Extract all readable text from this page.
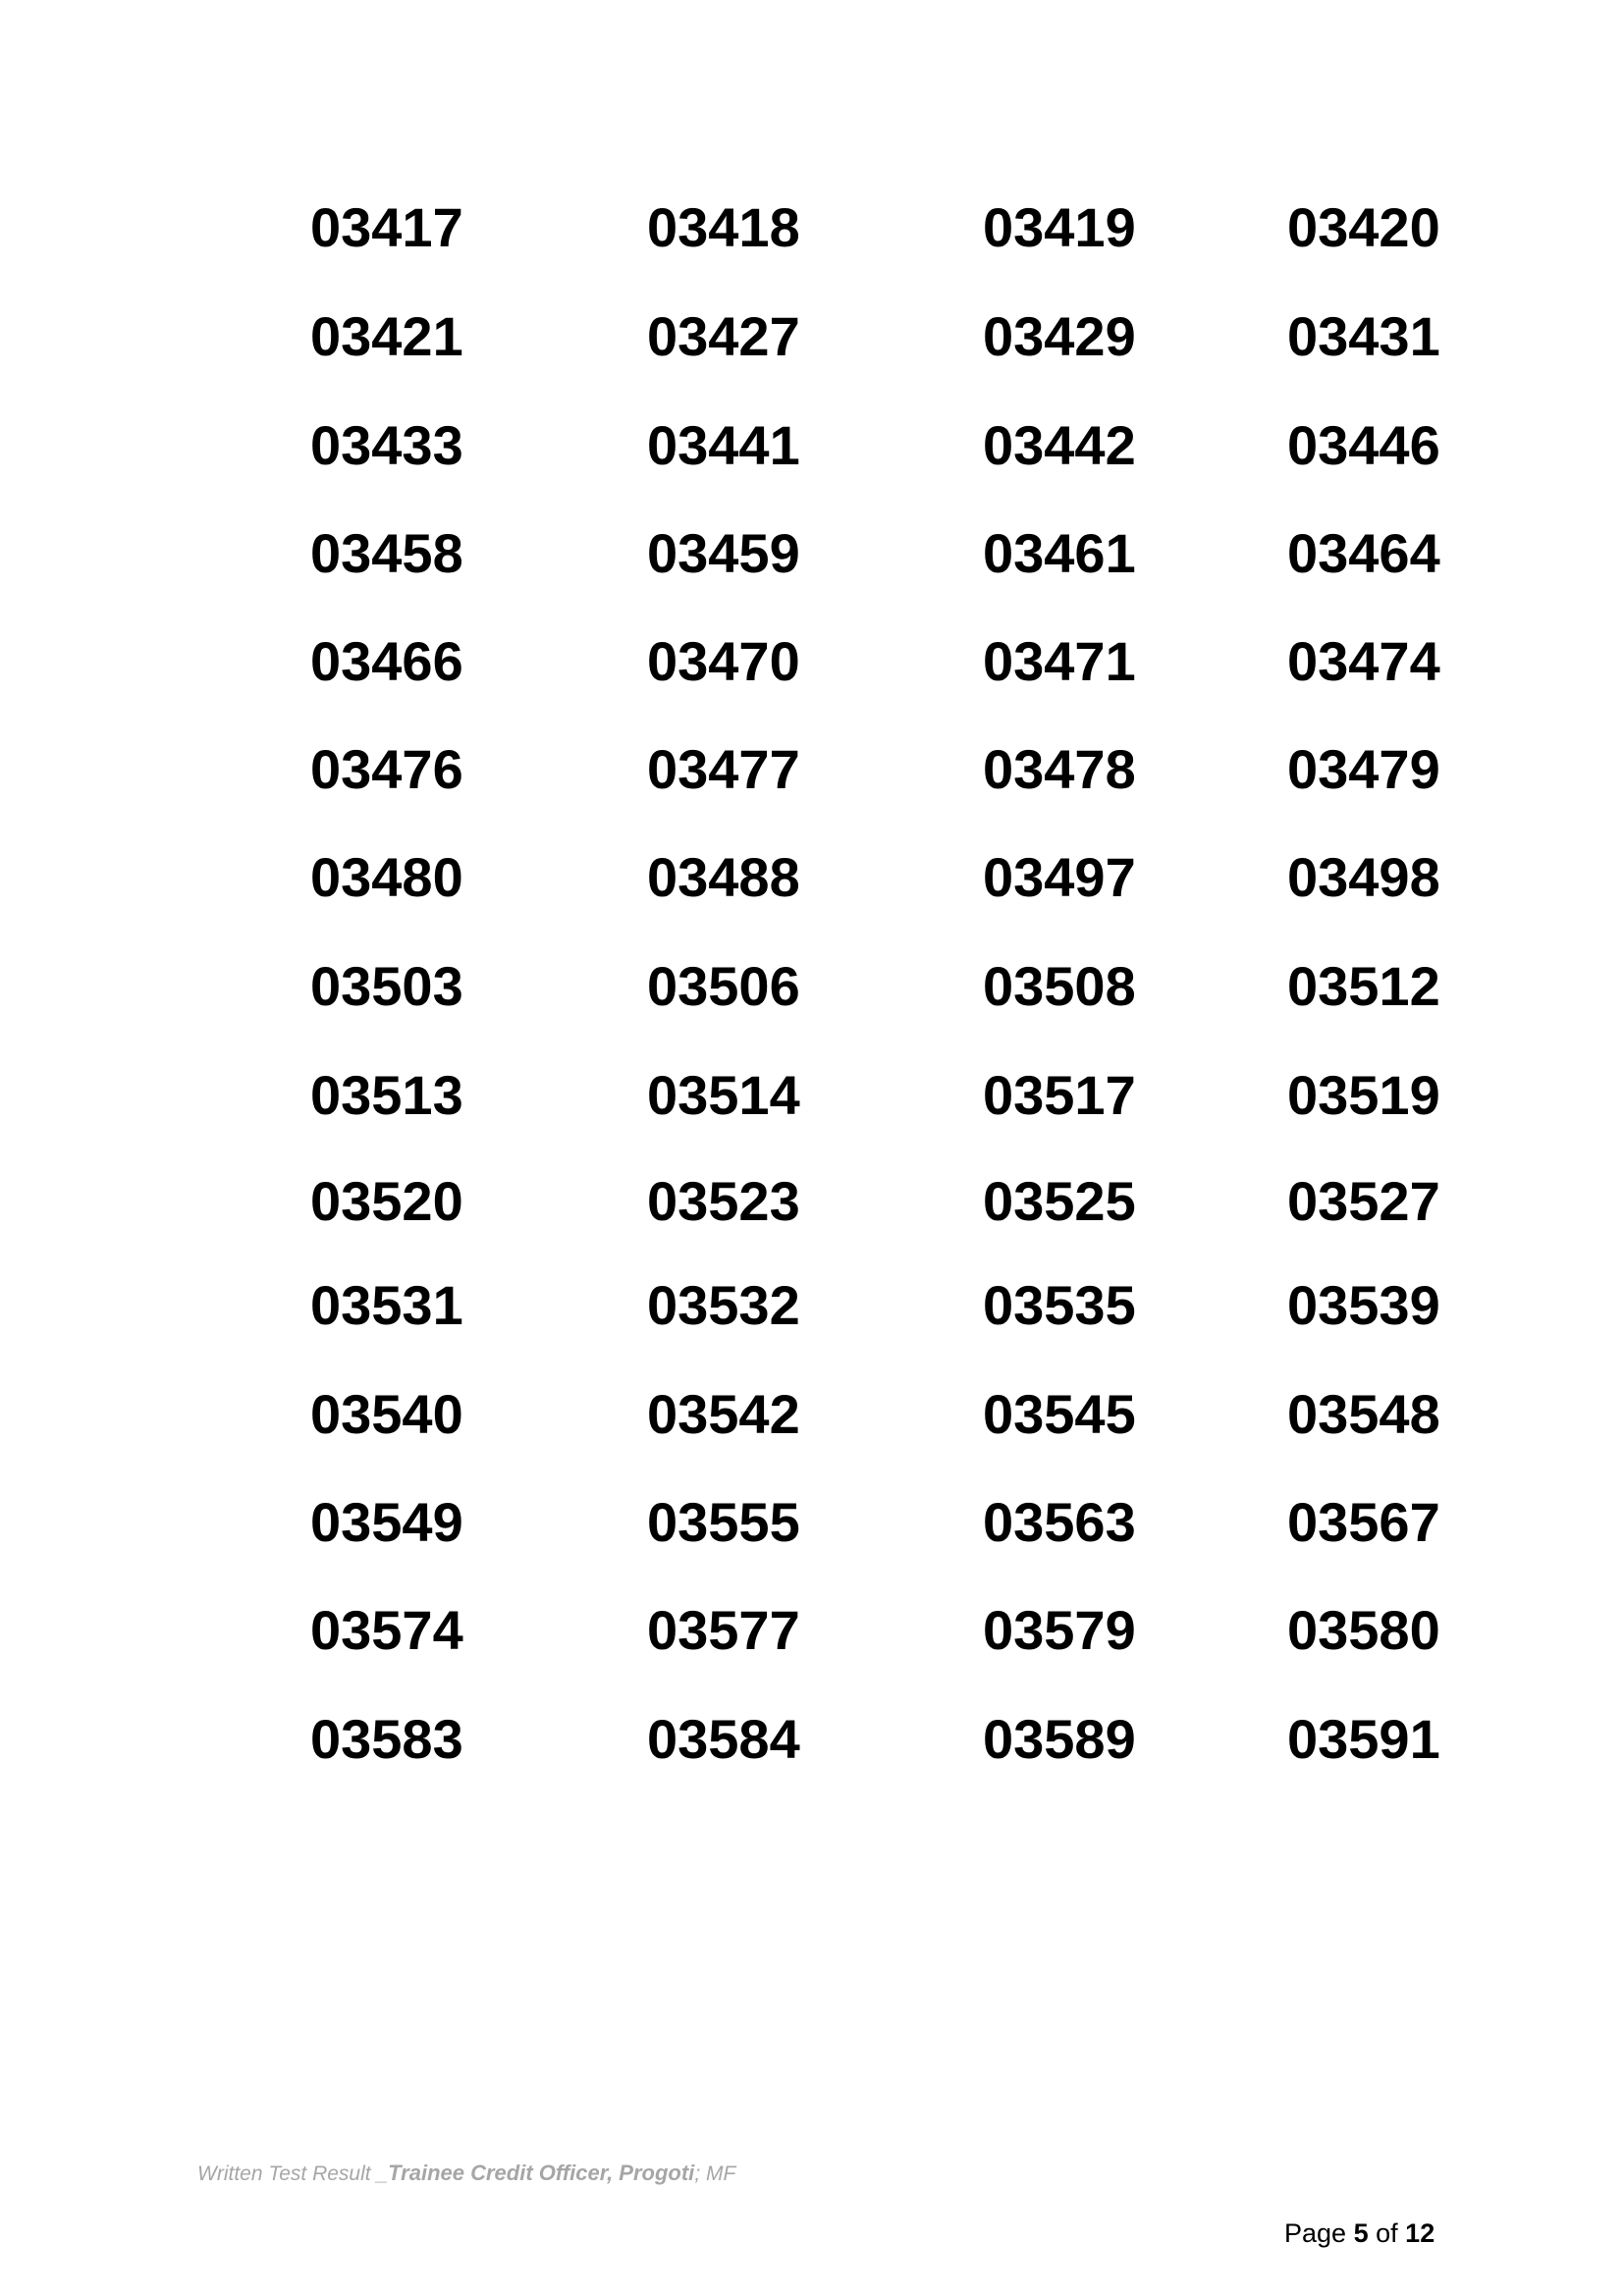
03417	03418	03419	03420
03421	03427	03429	03431
03433	03441	03442	03446
03458	03459	03461	03464
03466	03470	03471	03474
03476	03477	03478	03479
03480	03488	03497	03498
03503	03506	03508	03512
03513	03514	03517	03519
03520	03523	03525	03527
03531	03532	03535	03539
03540	03542	03545	03548
03549	03555	03563	03567
03574	03577	03579	03580
03583	03584	03589	03591
Written Test Result _Trainee Credit Officer, Progoti; MF
Page 5 of 12
